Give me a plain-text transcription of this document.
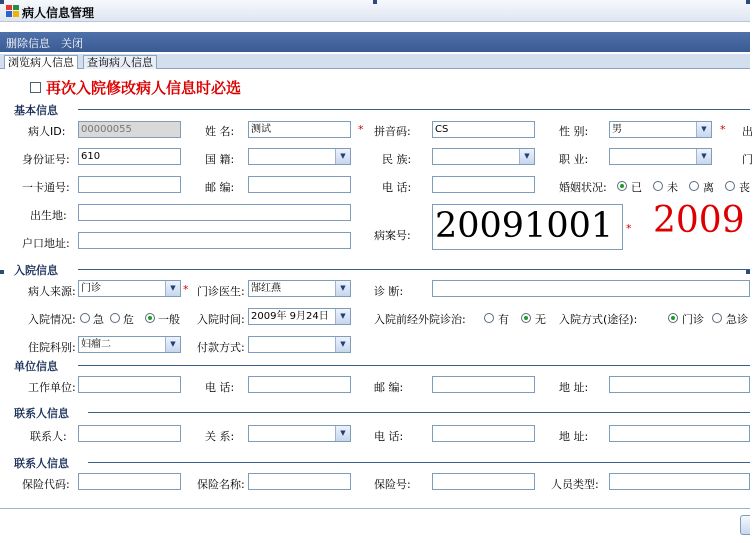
病人信息管理
删除信息 关闭
浏览病人信息	查询病人信息
再次入院修改病人信息时必选
基本信息
病人ID:	00000055	姓 名:	测试	* 拼音码:	CS	性 别:	男	▼	* 出
身份证号:	610	国 籍:	▼	民 族:	▼	职 业:	▼	门
一卡通号:	邮 编:	电 话:	婚姻状况: 已 未 离 丧
出生地:
户口地址:
病案号: 20091001	* 2009
入院信息
病人来源: 门诊	▼ * 门诊医生: 郜红燕	▼	诊 断:
入院情况: 急 危 一般 入院时间: 2009年 9月24日	▼	入院前经外院诊治:	有 无 入院方式(途径):	门诊 急诊
住院科别: 妇瘤二	▼	付款方式:	▼
单位信息
工作单位:	电 话:	邮 编:	地 址:
联系人信息
联系人:	关 系:	▼	电 话:	地 址:
联系人信息
保险代码:	保险名称:	保险号:	人员类型:
